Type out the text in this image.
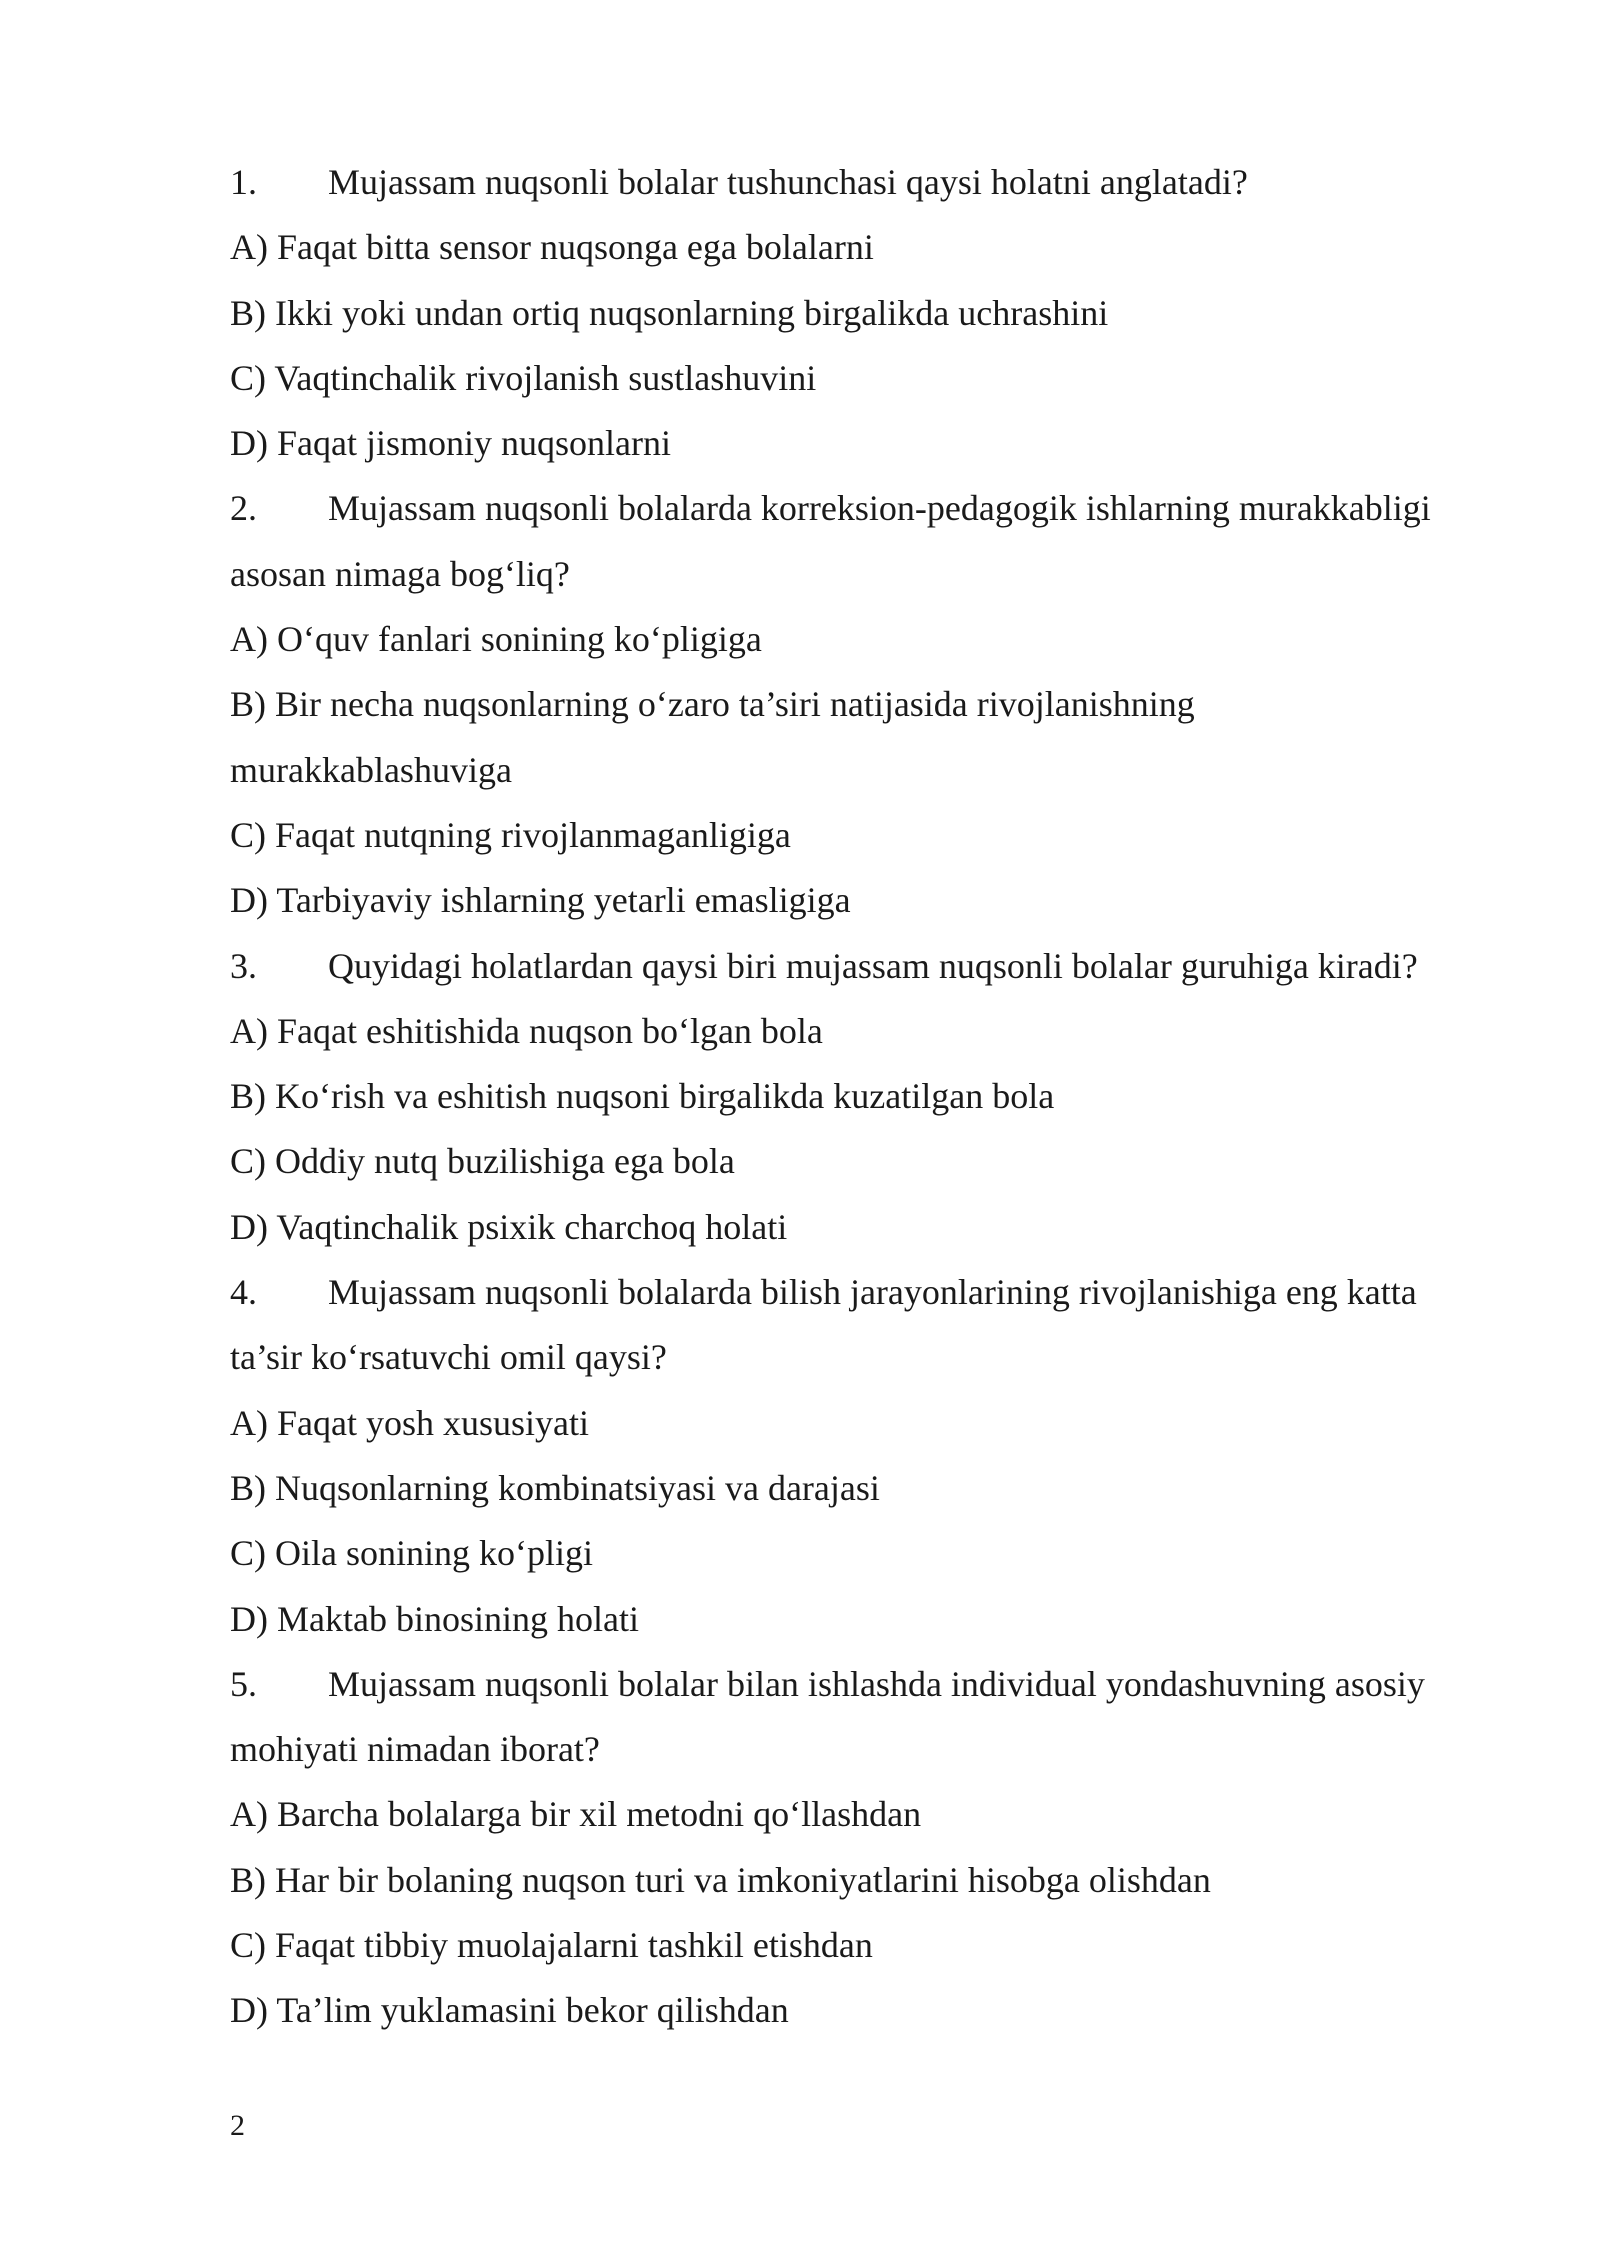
1.	Mujassam nuqsonli bolalar tushunchasi qaysi holatni anglatadi?
A) Faqat bitta sensor nuqsonga ega bolalarni
B) Ikki yoki undan ortiq nuqsonlarning birgalikda uchrashini
C) Vaqtinchalik rivojlanish sustlashuvini
D) Faqat jismoniy nuqsonlarni
2.	Mujassam nuqsonli bolalarda korreksion-pedagogik ishlarning murakkabligi
asosan nimaga bog‘liq?
A) O‘quv fanlari sonining ko‘pligiga
B) Bir necha nuqsonlarning o‘zaro ta’siri natijasida rivojlanishning
murakkablashuviga
C) Faqat nutqning rivojlanmaganligiga
D) Tarbiyaviy ishlarning yetarli emasligiga
3.	Quyidagi holatlardan qaysi biri mujassam nuqsonli bolalar guruhiga kiradi?
A) Faqat eshitishida nuqson bo‘lgan bola
B) Ko‘rish va eshitish nuqsoni birgalikda kuzatilgan bola
C) Oddiy nutq buzilishiga ega bola
D) Vaqtinchalik psixik charchoq holati
4.	Mujassam nuqsonli bolalarda bilish jarayonlarining rivojlanishiga eng katta
ta’sir ko‘rsatuvchi omil qaysi?
A) Faqat yosh xususiyati
B) Nuqsonlarning kombinatsiyasi va darajasi
C) Oila sonining ko‘pligi
D) Maktab binosining holati
5.	Mujassam nuqsonli bolalar bilan ishlashda individual yondashuvning asosiy
mohiyati nimadan iborat?
A) Barcha bolalarga bir xil metodni qo‘llashdan
B) Har bir bolaning nuqson turi va imkoniyatlarini hisobga olishdan
C) Faqat tibbiy muolajalarni tashkil etishdan
D) Ta’lim yuklamasini bekor qilishdan
2
